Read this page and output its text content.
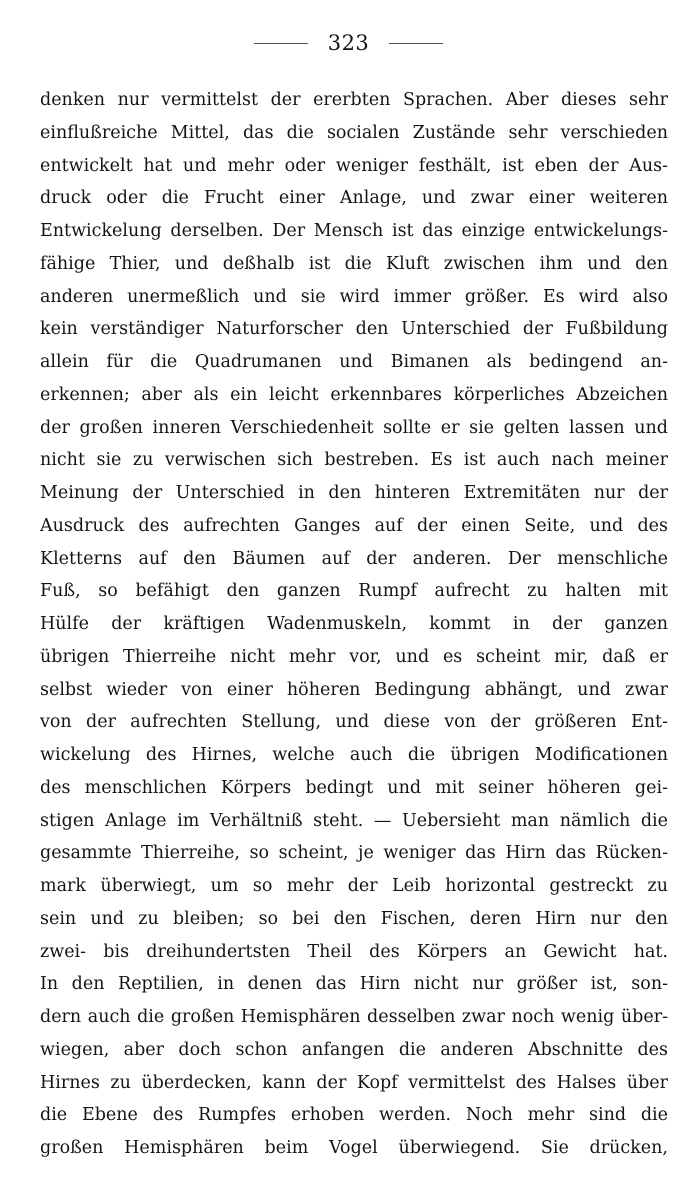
323
denken nur vermittelst der ererbten Sprachen. Aber dieses sehr
einflußreiche Mittel, das die socialen Zustände sehr verschieden
entwickelt hat und mehr oder weniger festhält, ist eben der Aus-
druck oder die Frucht einer Anlage, und zwar einer weiteren
Entwickelung derselben. Der Mensch ist das einzige entwickelungs-
fähige Thier, und deßhalb ist die Kluft zwischen ihm und den
anderen unermeßlich und sie wird immer größer. Es wird also
kein verständiger Naturforscher den Unterschied der Fußbildung
allein für die Quadrumanen und Bimanen als bedingend an-
erkennen; aber als ein leicht erkennbares körperliches Abzeichen
der großen inneren Verschiedenheit sollte er sie gelten lassen und
nicht sie zu verwischen sich bestreben. Es ist auch nach meiner
Meinung der Unterschied in den hinteren Extremitäten nur der
Ausdruck des aufrechten Ganges auf der einen Seite, und des
Kletterns auf den Bäumen auf der anderen. Der menschliche
Fuß, so befähigt den ganzen Rumpf aufrecht zu halten mit
Hülfe der kräftigen Wadenmuskeln, kommt in der ganzen
übrigen Thierreihe nicht mehr vor, und es scheint mir, daß er
selbst wieder von einer höheren Bedingung abhängt, und zwar
von der aufrechten Stellung, und diese von der größeren Ent-
wickelung des Hirnes, welche auch die übrigen Modificationen
des menschlichen Körpers bedingt und mit seiner höheren gei-
stigen Anlage im Verhältniß steht. — Uebersieht man nämlich die
gesammte Thierreihe, so scheint, je weniger das Hirn das Rücken-
mark überwiegt, um so mehr der Leib horizontal gestreckt zu
sein und zu bleiben; so bei den Fischen, deren Hirn nur den
zwei- bis dreihundertsten Theil des Körpers an Gewicht hat.
In den Reptilien, in denen das Hirn nicht nur größer ist, son-
dern auch die großen Hemisphären desselben zwar noch wenig über-
wiegen, aber doch schon anfangen die anderen Abschnitte des
Hirnes zu überdecken, kann der Kopf vermittelst des Halses über
die Ebene des Rumpfes erhoben werden. Noch mehr sind die
großen Hemisphären beim Vogel überwiegend. Sie drücken,
